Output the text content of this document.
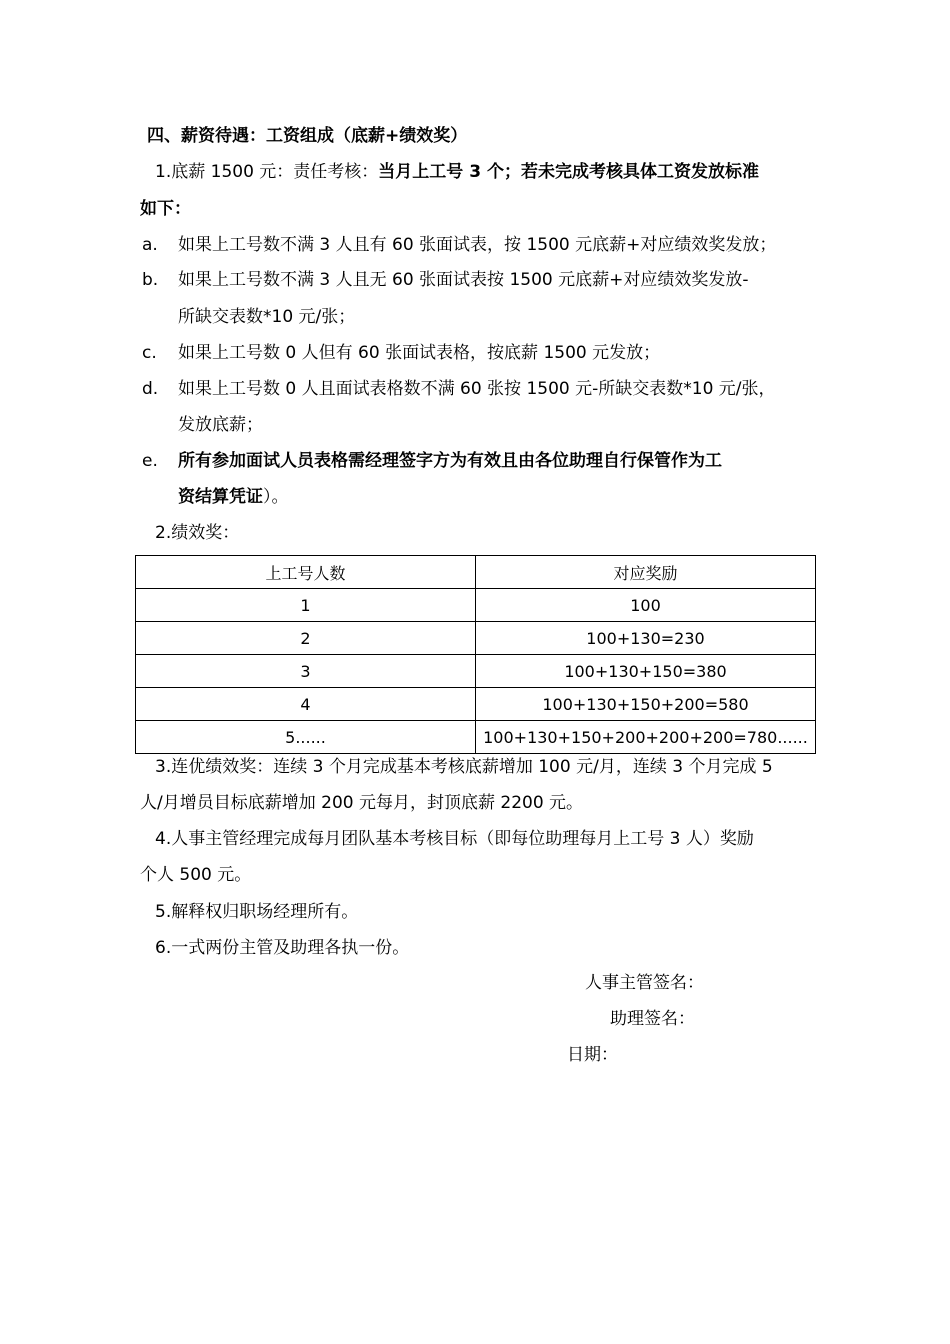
四、薪资待遇：工资组成（底薪+绩效奖）
1.底薪 1500 元：责任考核：当月上工号 3 个；若未完成考核具体工资发放标准
如下：
a. 如果上工号数不满 3 人且有 60 张面试表，按 1500 元底薪+对应绩效奖发放；
b. 如果上工号数不满 3 人且无 60 张面试表按 1500 元底薪+对应绩效奖发放-
所缺交表数*10 元/张；
c. 如果上工号数 0 人但有 60 张面试表格，按底薪 1500 元发放；
d. 如果上工号数 0 人且面试表格数不满 60 张按 1500 元-所缺交表数*10 元/张，
发放底薪；
e. 所有参加面试人员表格需经理签字方为有效且由各位助理自行保管作为工
资结算凭证）。
2.绩效奖：
上工号人数	对应奖励
1	100
2	100+130=230
3	100+130+150=380
4	100+130+150+200=580
5......	100+130+150+200+200+200=780......
3.连优绩效奖：连续 3 个月完成基本考核底薪增加 100 元/月，连续 3 个月完成 5
人/月增员目标底薪增加 200 元每月，封顶底薪 2200 元。
4.人事主管经理完成每月团队基本考核目标（即每位助理每月上工号 3 人）奖励
个人 500 元。
5.解释权归职场经理所有。
6.一式两份主管及助理各执一份。
人事主管签名：
助理签名：
日期：
